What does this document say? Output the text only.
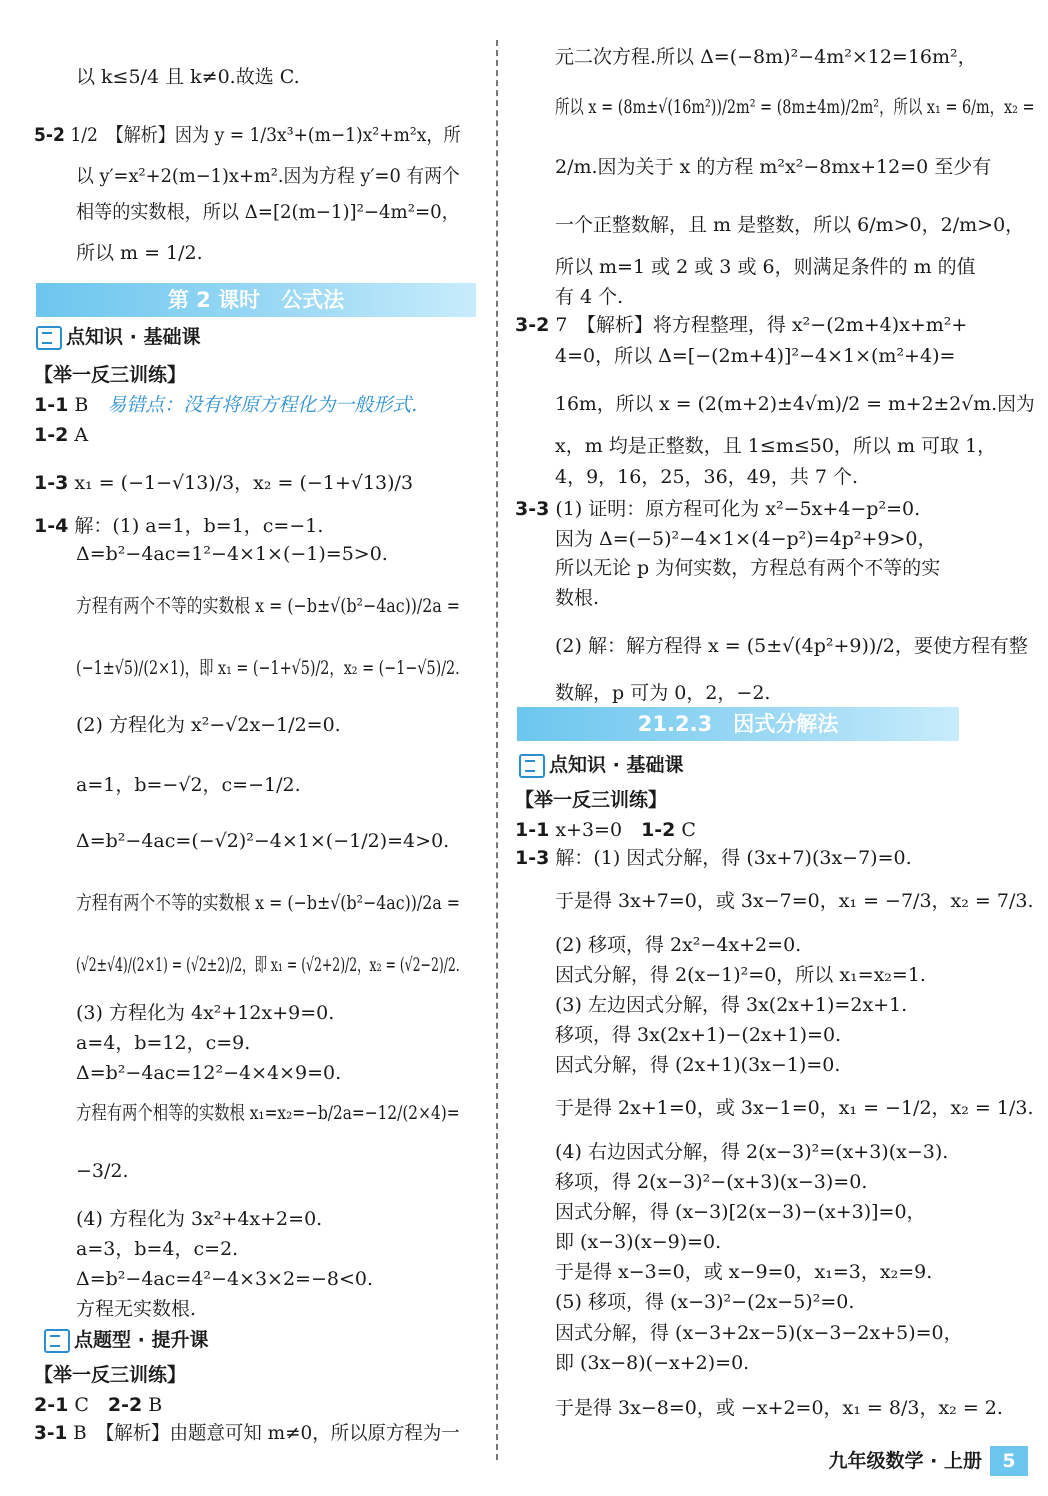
以 k≤5/4 且 k≠0.故选 C.
5-2 1/2　【解析】因为 y = 1/3x³+(m−1)x²+m²x，所
以 y′=x²+2(m−1)x+m².因为方程 y′=0 有两个
相等的实数根，所以 Δ=[2(m−1)]²−4m²=0，
所以 m = 1/2.
【举一反三训练】
1-1 B　易错点：没有将原方程化为一般形式.
1-2 A
1-3 x₁ = (−1−√13)/3，x₂ = (−1+√13)/3
1-4 解：(1) a=1，b=1，c=−1.
Δ=b²−4ac=1²−4×1×(−1)=5>0.
方程有两个不等的实数根 x = (−b±√(b²−4ac))/2a =
(−1±√5)/(2×1)，即 x₁ = (−1+√5)/2，x₂ = (−1−√5)/2.
(2) 方程化为 x²−√2x−1/2=0.
a=1，b=−√2，c=−1/2.
Δ=b²−4ac=(−√2)²−4×1×(−1/2)=4>0.
方程有两个不等的实数根 x = (−b±√(b²−4ac))/2a =
(√2±√4)/(2×1) = (√2±2)/2，即 x₁ = (√2+2)/2，x₂ = (√2−2)/2.
(3) 方程化为 4x²+12x+9=0.
a=4，b=12，c=9.
Δ=b²−4ac=12²−4×4×9=0.
方程有两个相等的实数根 x₁=x₂=−b/2a=−12/(2×4)=
−3/2.
(4) 方程化为 3x²+4x+2=0.
a=3，b=4，c=2.
Δ=b²−4ac=4²−4×3×2=−8<0.
方程无实数根.
【举一反三训练】
2-1 C　2-2 B
3-1 B　【解析】由题意可知 m≠0，所以原方程为一
元二次方程.所以 Δ=(−8m)²−4m²×12=16m²，
所以 x = (8m±√(16m²))/2m² = (8m±4m)/2m²，所以 x₁ = 6/m，x₂ =
2/m.因为关于 x 的方程 m²x²−8mx+12=0 至少有
一个正整数解，且 m 是整数，所以 6/m>0，2/m>0，
所以 m=1 或 2 或 3 或 6，则满足条件的 m 的值
有 4 个.
3-2 7　【解析】将方程整理，得 x²−(2m+4)x+m²+
4=0，所以 Δ=[−(2m+4)]²−4×1×(m²+4)=
16m，所以 x = (2(m+2)±4√m)/2 = m+2±2√m.因为
x，m 均是正整数，且 1≤m≤50，所以 m 可取 1，
4，9，16，25，36，49，共 7 个.
3-3 (1) 证明：原方程可化为 x²−5x+4−p²=0.
因为 Δ=(−5)²−4×1×(4−p²)=4p²+9>0，
所以无论 p 为何实数，方程总有两个不等的实
数根.
(2) 解：解方程得 x = (5±√(4p²+9))/2，要使方程有整
数解，p 可为 0，2，−2.
【举一反三训练】
1-1 x+3=0　1-2 C
1-3 解：(1) 因式分解，得 (3x+7)(3x−7)=0.
于是得 3x+7=0，或 3x−7=0，x₁ = −7/3，x₂ = 7/3.
(2) 移项，得 2x²−4x+2=0.
因式分解，得 2(x−1)²=0，所以 x₁=x₂=1.
(3) 左边因式分解，得 3x(2x+1)=2x+1.
移项，得 3x(2x+1)−(2x+1)=0.
因式分解，得 (2x+1)(3x−1)=0.
于是得 2x+1=0，或 3x−1=0，x₁ = −1/2，x₂ = 1/3.
(4) 右边因式分解，得 2(x−3)²=(x+3)(x−3).
移项，得 2(x−3)²−(x+3)(x−3)=0.
因式分解，得 (x−3)[2(x−3)−(x+3)]=0，
即 (x−3)(x−9)=0.
于是得 x−3=0，或 x−9=0，x₁=3，x₂=9.
(5) 移项，得 (x−3)²−(2x−5)²=0.
因式分解，得 (x−3+2x−5)(x−3−2x+5)=0，
即 (3x−8)(−x+2)=0.
于是得 3x−8=0，或 −x+2=0，x₁ = 8/3，x₂ = 2.
第 2 课时　公式法
21.2.3　因式分解法
点知识 · 基础课
点题型 · 提升课
点知识 · 基础课
九年级数学 · 上册 5
